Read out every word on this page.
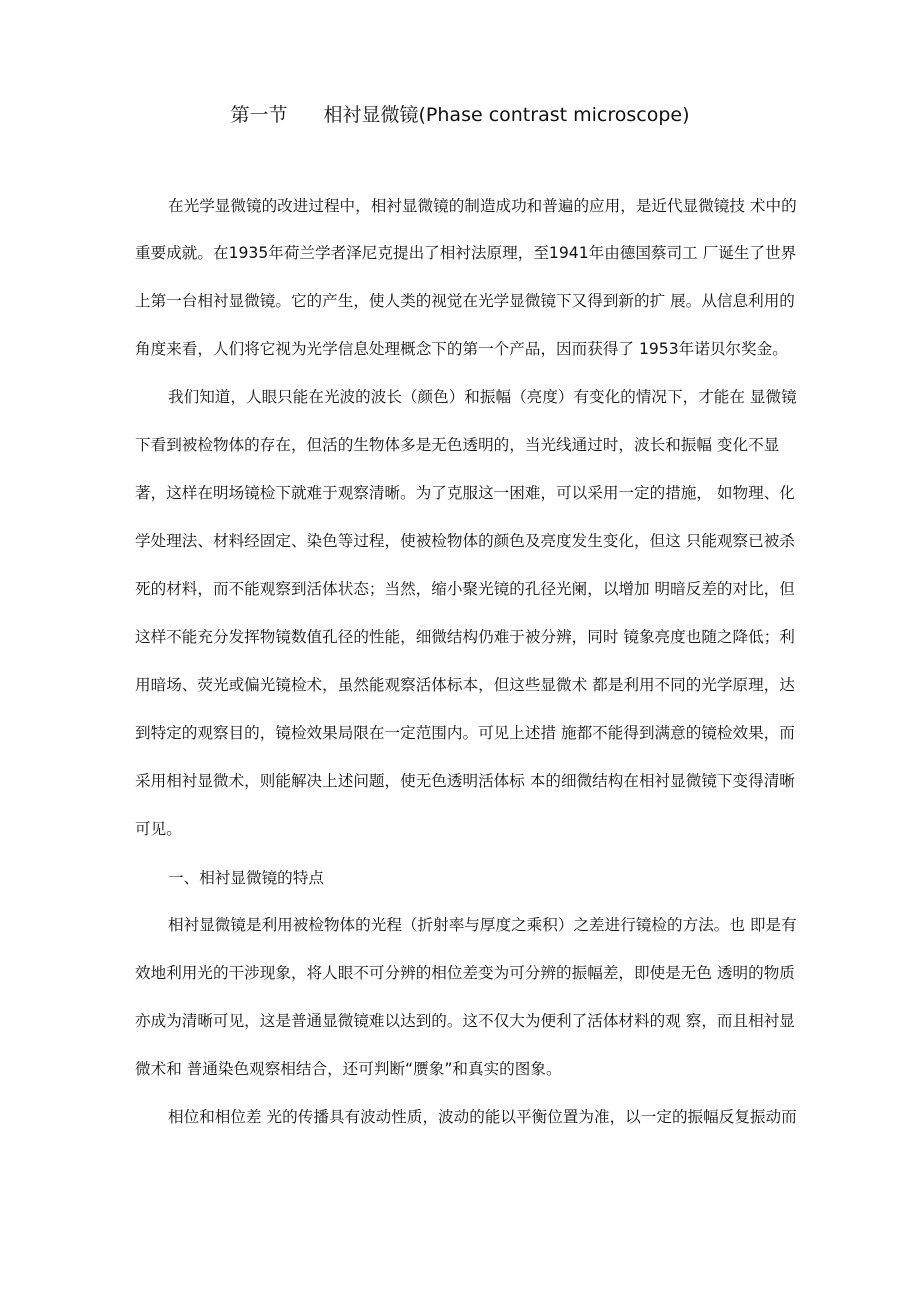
第一节 相衬显微镜(Phase contrast microscope)
在光学显微镜的改进过程中，相衬显微镜的制造成功和普遍的应用，是近代显微镜技 术中的
重要成就。在1935年荷兰学者泽尼克提出了相衬法原理，至1941年由德国蔡司工 厂诞生了世界
上第一台相衬显微镜。它的产生，使人类的视觉在光学显微镜下又得到新的扩 展。从信息利用的
角度来看，人们将它视为光学信息处理概念下的第一个产品，因而获得了 1953年诺贝尔奖金。
我们知道，人眼只能在光波的波长（颜色）和振幅（亮度）有变化的情况下，才能在 显微镜
下看到被检物体的存在，但活的生物体多是无色透明的，当光线通过时，波长和振幅 变化不显
著，这样在明场镜检下就难于观察清晰。为了克服这一困难，可以采用一定的措施， 如物理、化
学处理法、材料经固定、染色等过程，使被检物体的颜色及亮度发生变化，但这 只能观察已被杀
死的材料，而不能观察到活体状态；当然，缩小聚光镜的孔径光阑，以增加 明暗反差的对比，但
这样不能充分发挥物镜数值孔径的性能，细微结构仍难于被分辨，同时 镜象亮度也随之降低；利
用暗场、荧光或偏光镜检术，虽然能观察活体标本，但这些显微术 都是利用不同的光学原理，达
到特定的观察目的，镜检效果局限在一定范围内。可见上述措 施都不能得到满意的镜检效果，而
采用相衬显微术，则能解决上述问题，使无色透明活体标 本的细微结构在相衬显微镜下变得清晰
可见。
一、相衬显微镜的特点
相衬显微镜是利用被检物体的光程（折射率与厚度之乘积）之差进行镜检的方法。也 即是有
效地利用光的干涉现象，将人眼不可分辨的相位差变为可分辨的振幅差，即使是无色 透明的物质
亦成为清晰可见，这是普通显微镜难以达到的。这不仅大为便利了活体材料的观 察，而且相衬显
微术和 普通染色观察相结合，还可判断“赝象”和真实的图象。
相位和相位差 光的传播具有波动性质，波动的能以平衡位置为准，以一定的振幅反复振动而
